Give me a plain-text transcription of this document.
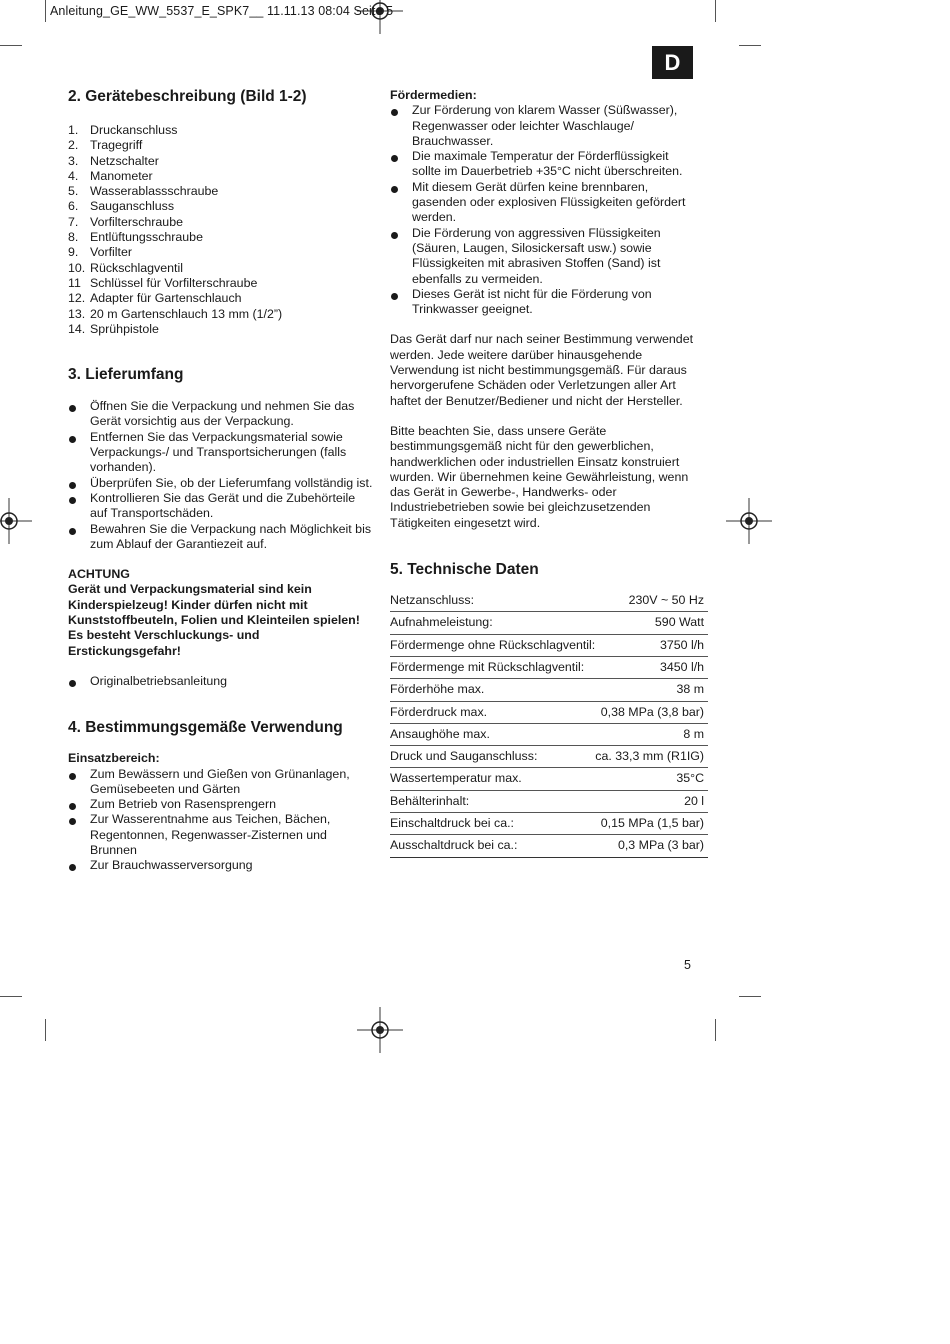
Anleitung_GE_WW_5537_E_SPK7__ 11.11.13 08:04 Seite 5
D
2. Gerätebeschreibung (Bild 1-2)
1. Druckanschluss
2. Tragegriff
3. Netzschalter
4. Manometer
5. Wasserablassschraube
6. Sauganschluss
7. Vorfilterschraube
8. Entlüftungsschraube
9. Vorfilter
10. Rückschlagventil
11 Schlüssel für Vorfilterschraube
12. Adapter für Gartenschlauch
13. 20 m Gartenschlauch 13 mm (1/2”)
14. Sprühpistole
3. Lieferumfang
Öffnen Sie die Verpackung und nehmen Sie das Gerät vorsichtig aus der Verpackung.
Entfernen Sie das Verpackungsmaterial sowie Verpackungs-/ und Transportsicherungen (falls vorhanden).
Überprüfen Sie, ob der Lieferumfang vollständig ist.
Kontrollieren Sie das Gerät und die Zubehörteile auf Transportschäden.
Bewahren Sie die Verpackung nach Möglichkeit bis zum Ablauf der Garantiezeit auf.

ACHTUNG

Gerät und Verpackungsmaterial sind kein Kinderspielzeug! Kinder dürfen nicht mit Kunststoffbeuteln, Folien und Kleinteilen spielen! Es besteht Verschluckungs- und Erstickungsgefahr!

Originalbetriebsanleitung
4. Bestimmungsgemäße Verwendung

Einsatzbereich:

Zum Bewässern und Gießen von Grünanlagen, Gemüsebeeten und Gärten
Zum Betrieb von Rasensprengern
Zur Wasserentnahme aus Teichen, Bächen, Regentonnen, Regenwasser-Zisternen und Brunnen
Zur Brauchwasserversorgung

Fördermedien:

Zur Förderung von klarem Wasser (Süßwasser), Regenwasser oder leichter Waschlauge/ Brauchwasser.
Die maximale Temperatur der Förderflüssigkeit sollte im Dauerbetrieb +35°C nicht überschreiten.
Mit diesem Gerät dürfen keine brennbaren, gasenden oder explosiven Flüssigkeiten gefördert werden.
Die Förderung von aggressiven Flüssigkeiten (Säuren, Laugen, Silosickersaft usw.) sowie Flüssigkeiten mit abrasiven Stoffen (Sand) ist ebenfalls zu vermeiden.
Dieses Gerät ist nicht für die Förderung von Trinkwasser geeignet.

Das Gerät darf nur nach seiner Bestimmung verwendet werden. Jede weitere darüber hinausgehende Verwendung ist nicht bestimmungsgemäß. Für daraus hervorgerufene Schäden oder Verletzungen aller Art haftet der Benutzer/Bediener und nicht der Hersteller.

Bitte beachten Sie, dass unsere Geräte bestimmungsgemäß nicht für den gewerblichen, handwerklichen oder industriellen Einsatz konstruiert wurden. Wir übernehmen keine Gewährleistung, wenn das Gerät in Gewerbe-, Handwerks- oder Industriebetrieben sowie bei gleichzusetzenden Tätigkeiten eingesetzt wird.

5. Technische Daten
Netzanschluss:	230V ~ 50 Hz
Aufnahmeleistung:	590 Watt
Fördermenge ohne Rückschlagventil:	3750 l/h
Fördermenge mit Rückschlagventil:	3450 l/h
Förderhöhe max.	38 m
Förderdruck max.	0,38 MPa (3,8 bar)
Ansaughöhe max.	8 m
Druck und Sauganschluss:	ca. 33,3 mm (R1IG)
Wassertemperatur max.	35°C
Behälterinhalt:	20 l
Einschaltdruck bei ca.:	0,15 MPa (1,5 bar)
Ausschaltdruck bei ca.:	0,3 MPa (3 bar)
5
